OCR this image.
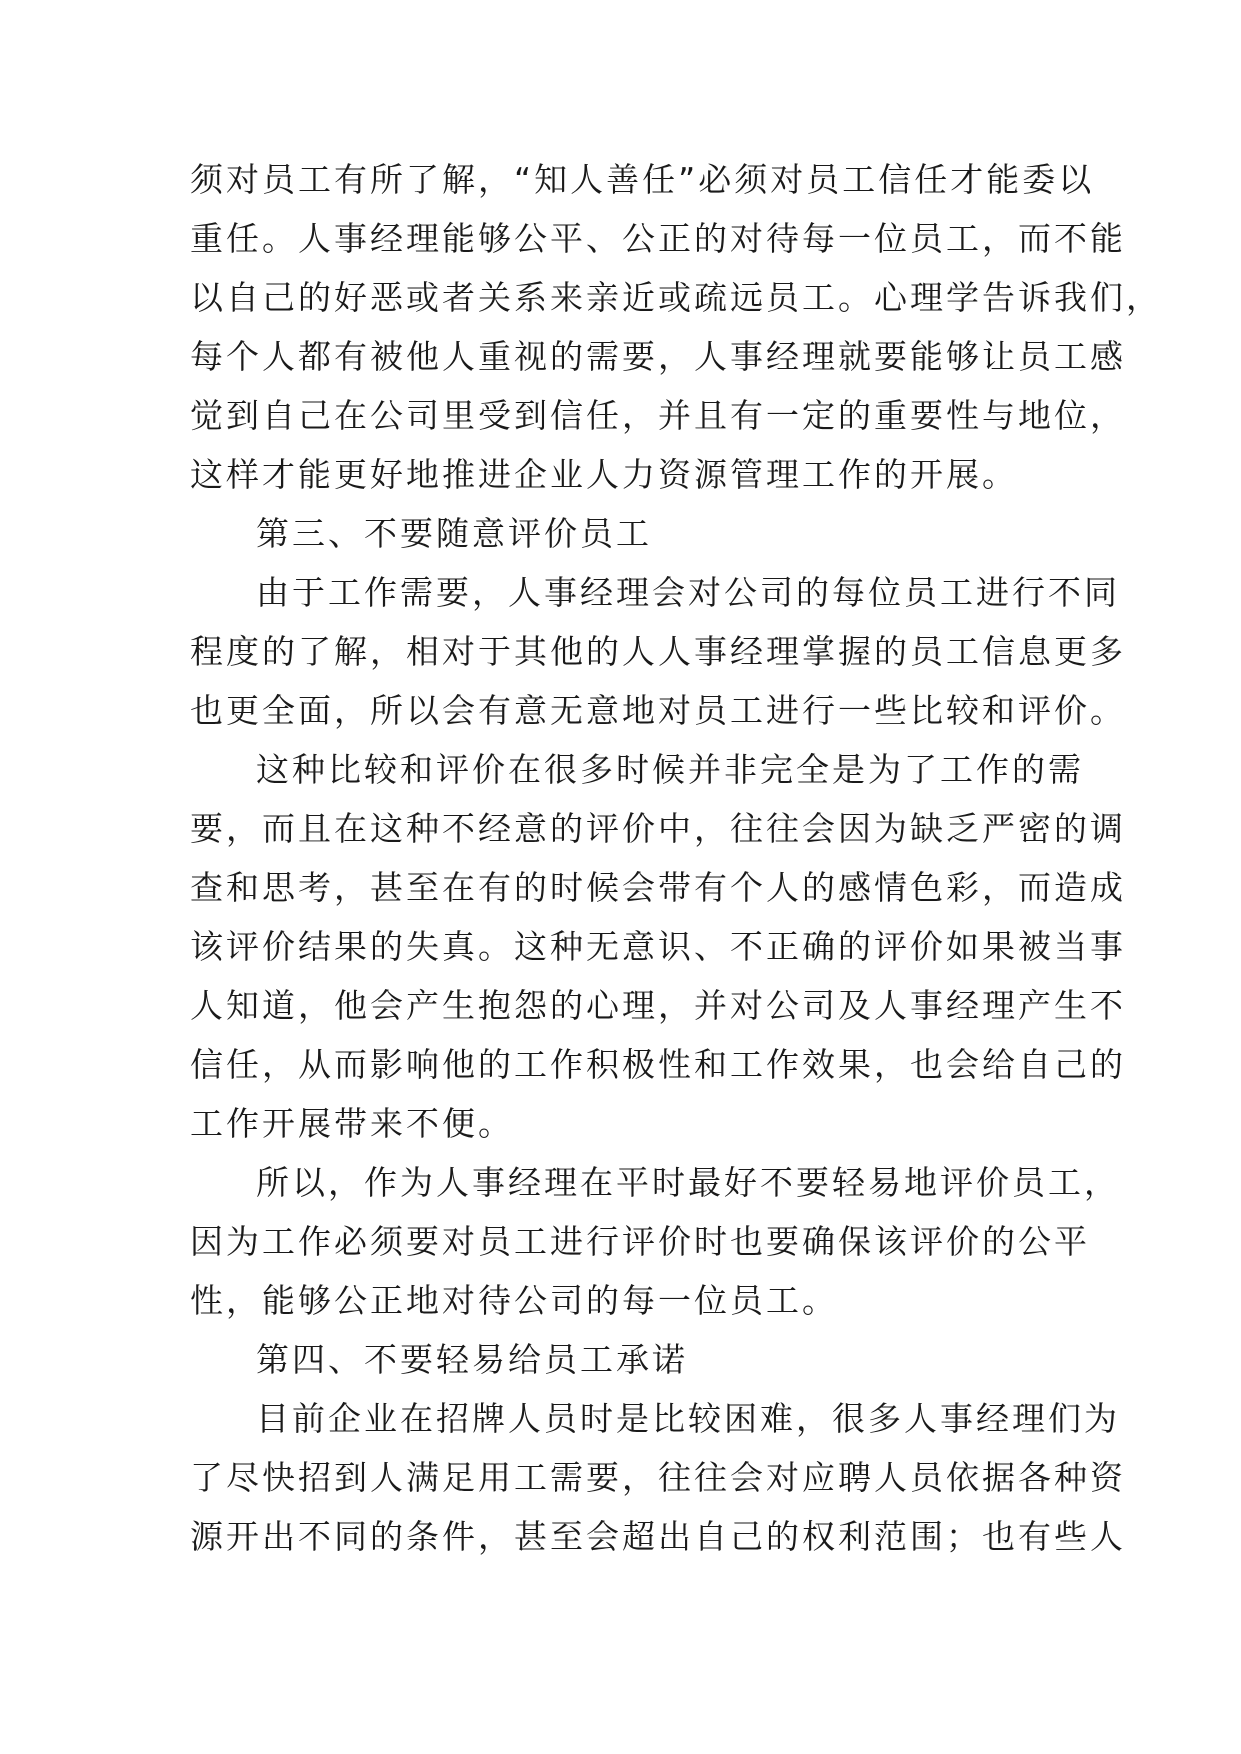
须对员工有所了解，“知人善任”必须对员工信任才能委以
重任。人事经理能够公平、公正的对待每一位员工，而不能
以自己的好恶或者关系来亲近或疏远员工。心理学告诉我们，
每个人都有被他人重视的需要，人事经理就要能够让员工感
觉到自己在公司里受到信任，并且有一定的重要性与地位，
这样才能更好地推进企业人力资源管理工作的开展。
第三、不要随意评价员工
由于工作需要，人事经理会对公司的每位员工进行不同
程度的了解，相对于其他的人人事经理掌握的员工信息更多
也更全面，所以会有意无意地对员工进行一些比较和评价。
这种比较和评价在很多时候并非完全是为了工作的需
要，而且在这种不经意的评价中，往往会因为缺乏严密的调
查和思考，甚至在有的时候会带有个人的感情色彩，而造成
该评价结果的失真。这种无意识、不正确的评价如果被当事
人知道，他会产生抱怨的心理，并对公司及人事经理产生不
信任，从而影响他的工作积极性和工作效果，也会给自己的
工作开展带来不便。
所以，作为人事经理在平时最好不要轻易地评价员工，
因为工作必须要对员工进行评价时也要确保该评价的公平
性，能够公正地对待公司的每一位员工。
第四、不要轻易给员工承诺
目前企业在招牌人员时是比较困难，很多人事经理们为
了尽快招到人满足用工需要，往往会对应聘人员依据各种资
源开出不同的条件，甚至会超出自己的权利范围；也有些人
